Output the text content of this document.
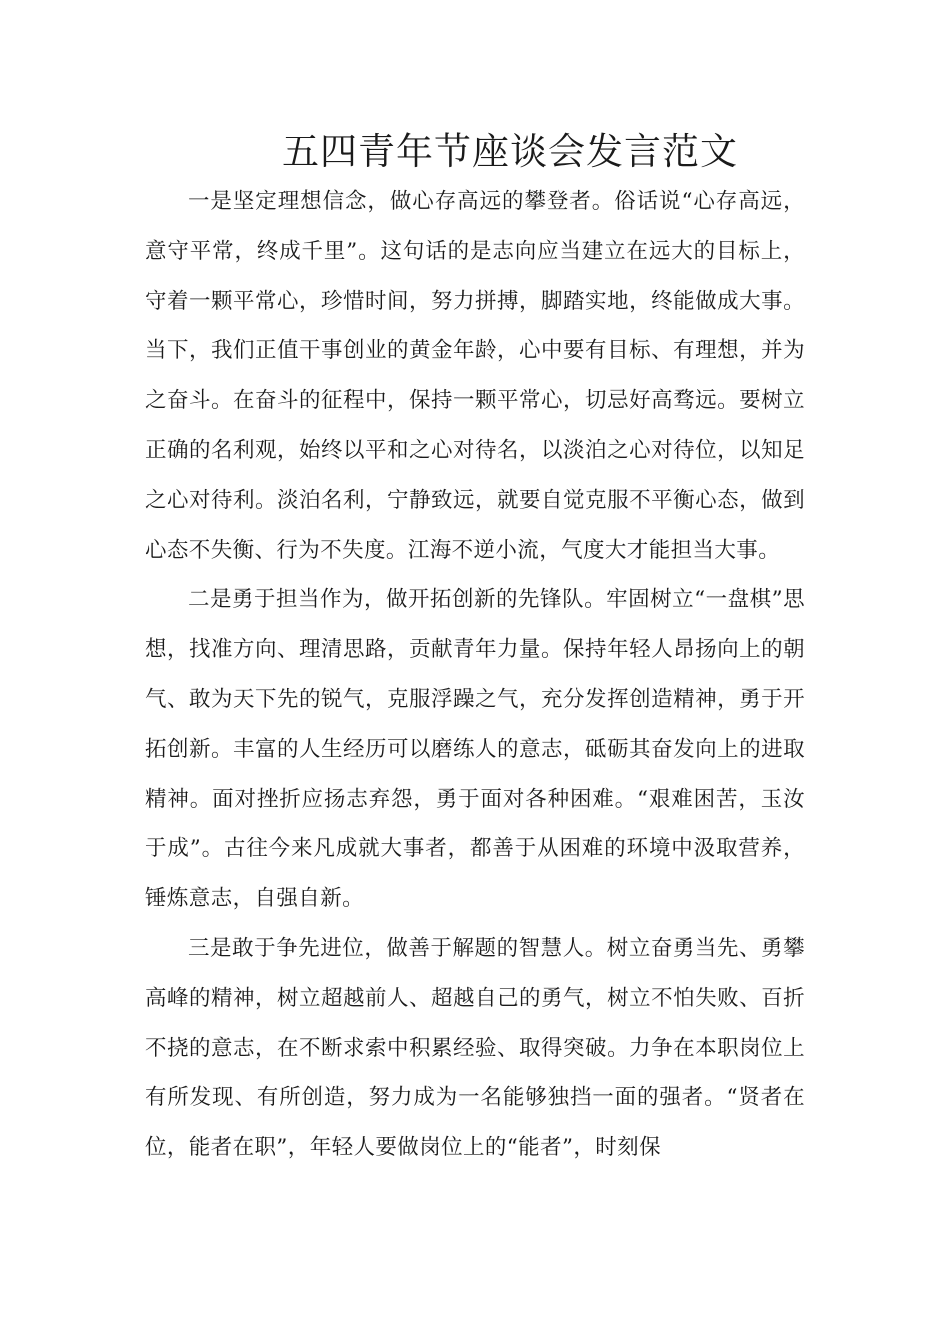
五四青年节座谈会发言范文

一是坚定理想信念，做心存高远的攀登者。俗话说“心存高远，意守平常，终成千里”。这句话的是志向应当建立在远大的目标上，守着一颗平常心，珍惜时间，努力拼搏，脚踏实地，终能做成大事。当下，我们正值干事创业的黄金年龄，心中要有目标、有理想，并为之奋斗。在奋斗的征程中，保持一颗平常心，切忌好高骛远。要树立正确的名利观，始终以平和之心对待名，以淡泊之心对待位，以知足之心对待利。淡泊名利，宁静致远，就要自觉克服不平衡心态，做到心态不失衡、行为不失度。江海不逆小流，气度大才能担当大事。

二是勇于担当作为，做开拓创新的先锋队。牢固树立“一盘棋”思想，找准方向、理清思路，贡献青年力量。保持年轻人昂扬向上的朝气、敢为天下先的锐气，克服浮躁之气，充分发挥创造精神，勇于开拓创新。丰富的人生经历可以磨练人的意志，砥砺其奋发向上的进取精神。面对挫折应扬志弃怨，勇于面对各种困难。“艰难困苦，玉汝于成”。古往今来凡成就大事者，都善于从困难的环境中汲取营养，锤炼意志，自强自新。

三是敢于争先进位，做善于解题的智慧人。树立奋勇当先、勇攀高峰的精神，树立超越前人、超越自己的勇气，树立不怕失败、百折不挠的意志，在不断求索中积累经验、取得突破。力争在本职岗位上有所发现、有所创造，努力成为一名能够独挡一面的强者。“贤者在位，能者在职”，年轻人要做岗位上的“能者”，时刻保
